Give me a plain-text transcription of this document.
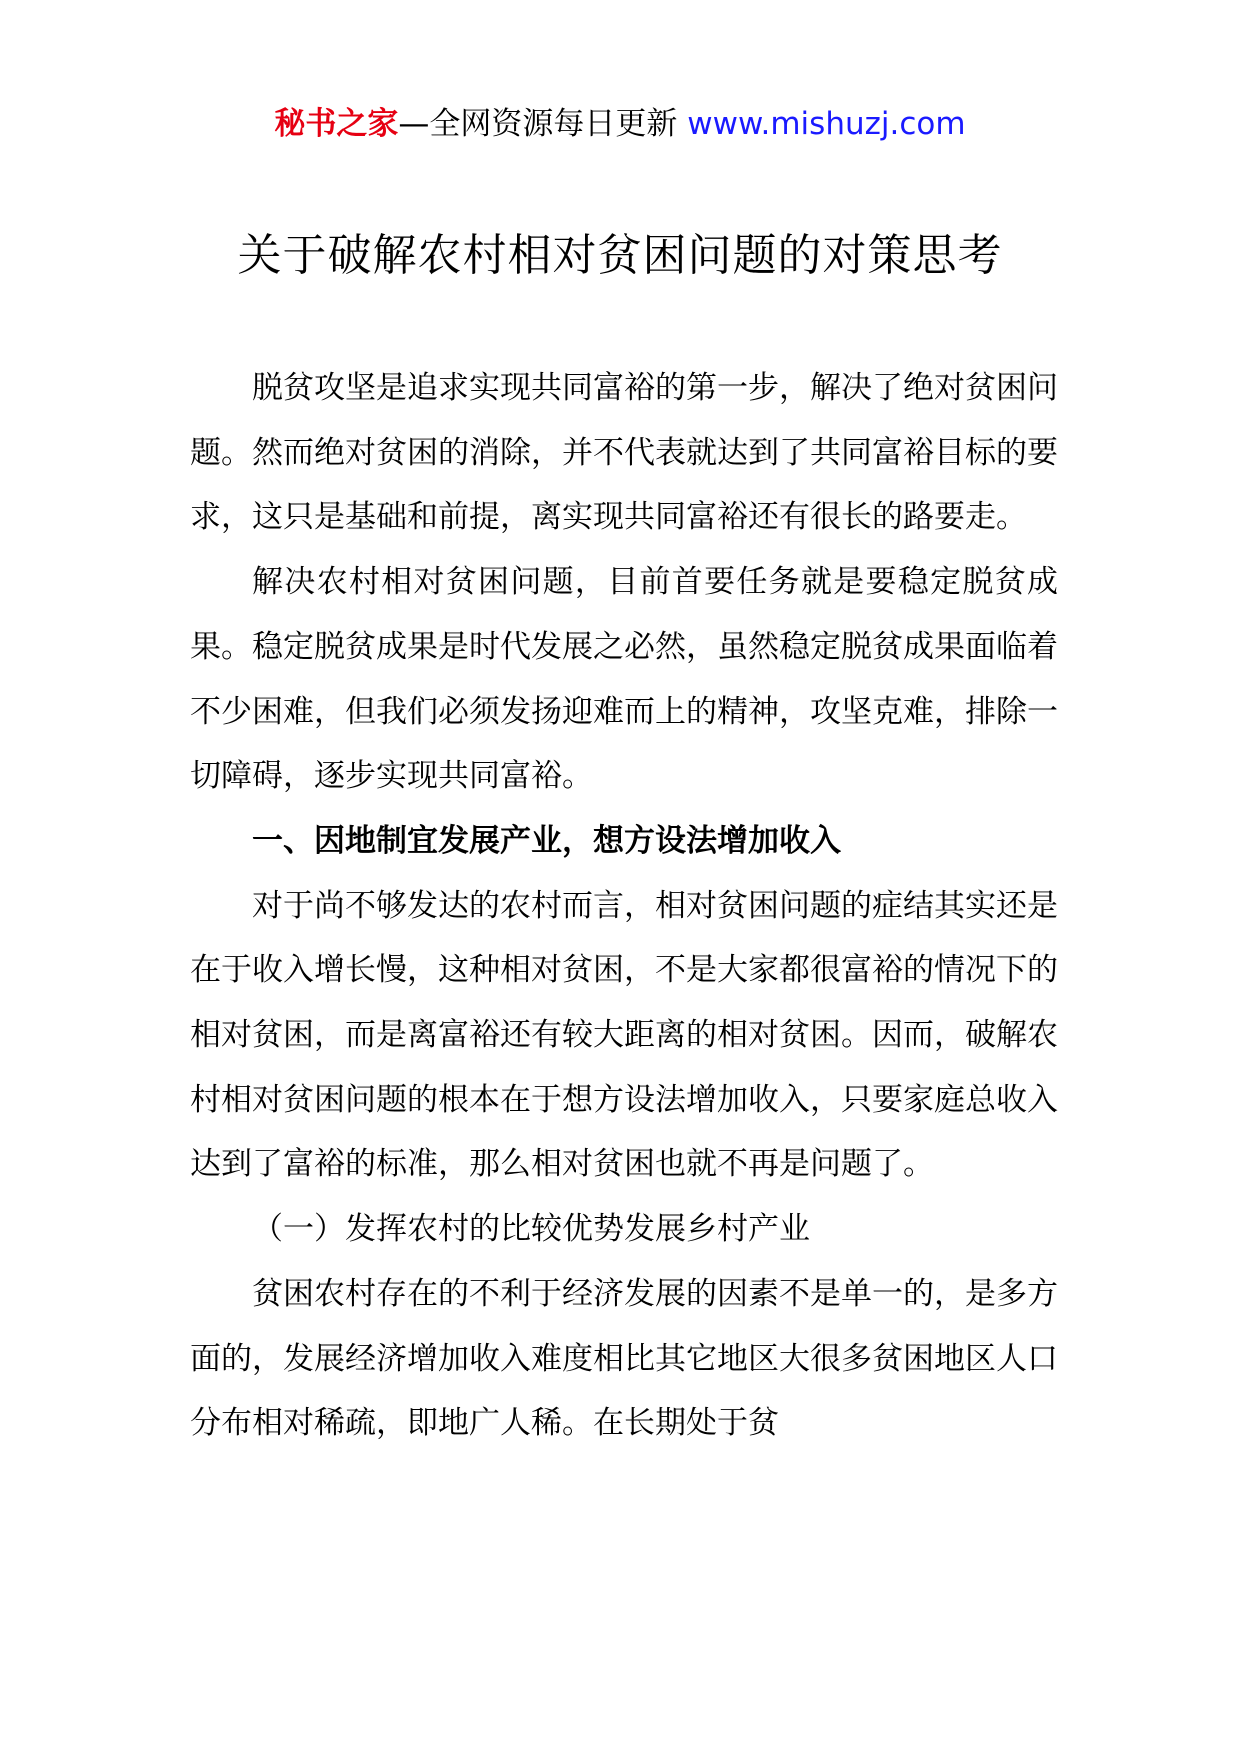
秘书之家—全网资源每日更新 www.mishuzj.com
关于破解农村相对贫困问题的对策思考

脱贫攻坚是追求实现共同富裕的第一步，解决了绝对贫困问题。然而绝对贫困的消除，并不代表就达到了共同富裕目标的要求，这只是基础和前提，离实现共同富裕还有很长的路要走。

解决农村相对贫困问题，目前首要任务就是要稳定脱贫成果。稳定脱贫成果是时代发展之必然，虽然稳定脱贫成果面临着不少困难，但我们必须发扬迎难而上的精神，攻坚克难，排除一切障碍，逐步实现共同富裕。

一、因地制宜发展产业，想方设法增加收入

对于尚不够发达的农村而言，相对贫困问题的症结其实还是在于收入增长慢，这种相对贫困，不是大家都很富裕的情况下的相对贫困，而是离富裕还有较大距离的相对贫困。因而，破解农村相对贫困问题的根本在于想方设法增加收入，只要家庭总收入达到了富裕的标准，那么相对贫困也就不再是问题了。

（一）发挥农村的比较优势发展乡村产业

贫困农村存在的不利于经济发展的因素不是单一的，是多方面的，发展经济增加收入难度相比其它地区大很多贫困地区人口分布相对稀疏，即地广人稀。在长期处于贫
